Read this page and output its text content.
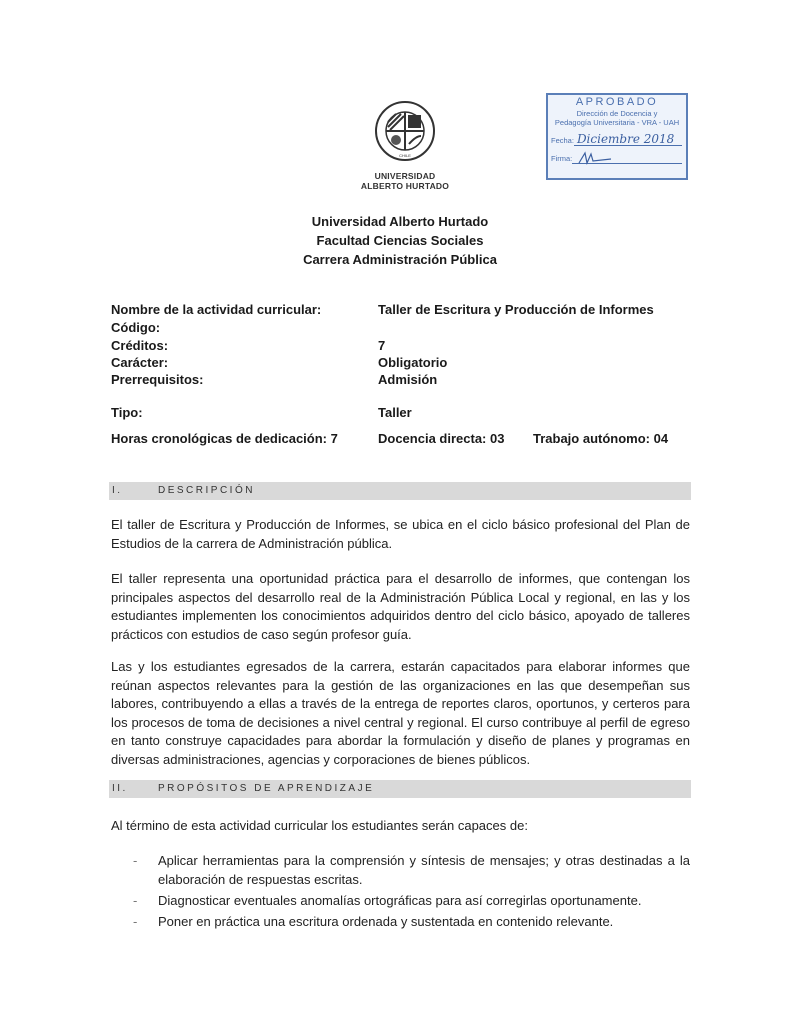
CHILE
UNIVERSIDAD
ALBERTO HURTADO
APROBADO
Dirección de Docencia y
Pedagogía Universitaria - VRA - UAH
Fecha: Diciembre 2018
Firma:
Universidad Alberto Hurtado
Facultad Ciencias Sociales
Carrera Administración Pública
Nombre de la actividad curricular:	Taller de Escritura y Producción de Informes
Código:
Créditos:	7
Carácter:	Obligatorio
Prerrequisitos:	Admisión
Tipo:	Taller
Horas cronológicas de dedicación: 7	Docencia directa: 03 Trabajo autónomo: 04
I.	DESCRIPCIÓN
El taller de Escritura y Producción de Informes, se ubica en el ciclo básico profesional del Plan de Estudios de la carrera de Administración pública.
El taller representa una oportunidad práctica para el desarrollo de informes, que contengan los principales aspectos del desarrollo real de la Administración Pública Local y regional, en las y los estudiantes implementen los conocimientos adquiridos dentro del ciclo básico, apoyado de talleres prácticos con estudios de caso según profesor guía.
Las y los estudiantes egresados de la carrera, estarán capacitados para elaborar informes que reúnan aspectos relevantes para la gestión de las organizaciones en las que desempeñan sus labores, contribuyendo a ellas a través de la entrega de reportes claros, oportunos, y certeros para los procesos de toma de decisiones a nivel central y regional. El curso contribuye al perfil de egreso en tanto construye capacidades para abordar la formulación y diseño de planes y programas en diversas administraciones, agencias y corporaciones de bienes públicos.
II.	PROPÓSITOS DE APRENDIZAJE
Al término de esta actividad curricular los estudiantes serán capaces de:
- Aplicar herramientas para la comprensión y síntesis de mensajes; y otras destinadas a la elaboración de respuestas escritas.
- Diagnosticar eventuales anomalías ortográficas para así corregirlas oportunamente.
- Poner en práctica una escritura ordenada y sustentada en contenido relevante.
